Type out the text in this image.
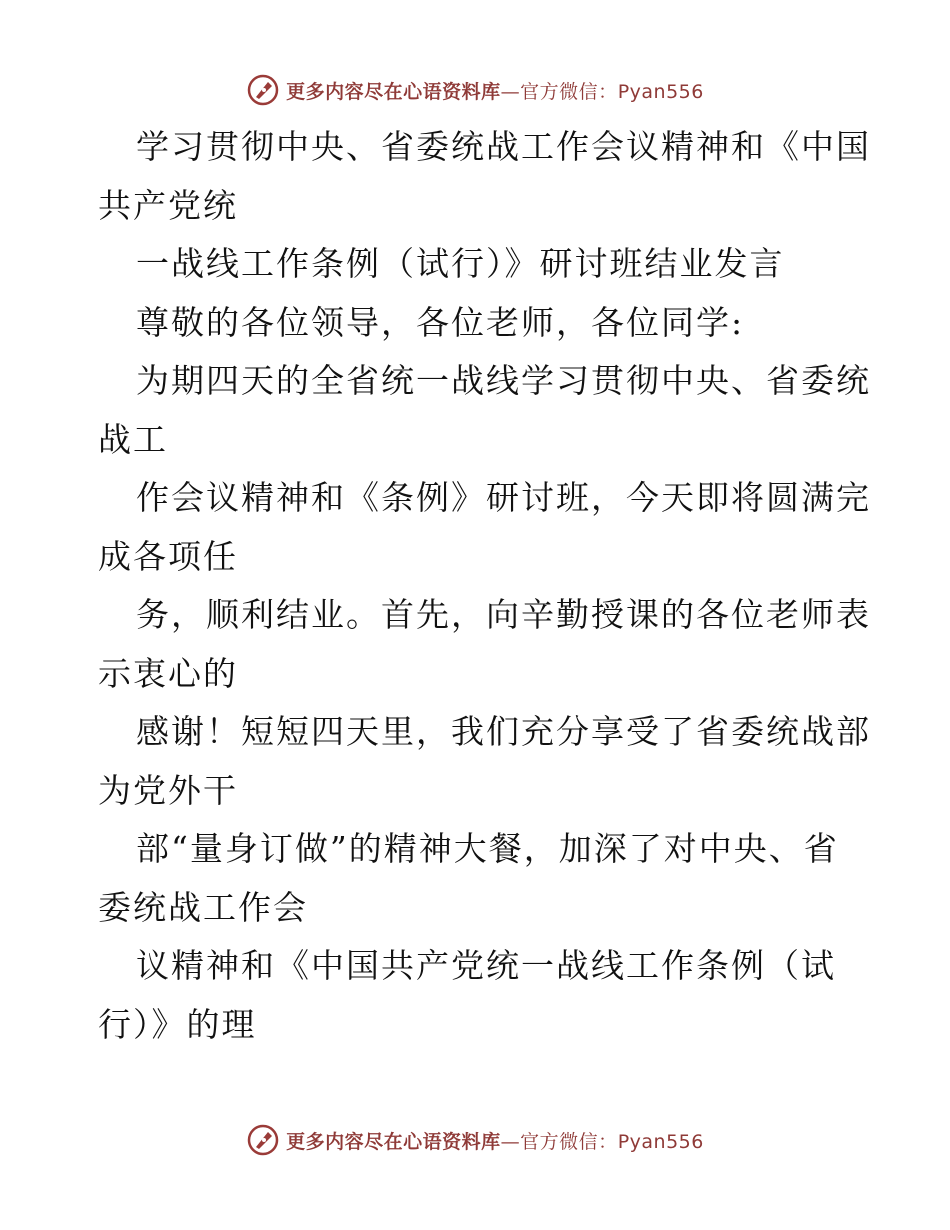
更多内容尽在心语资料库—官方微信：Pyan556
学习贯彻中央、省委统战工作会议精神和《中国
共产党统
一战线工作条例（试行）》研讨班结业发言
尊敬的各位领导，各位老师，各位同学:
为期四天的全省统一战线学习贯彻中央、省委统
战工
作会议精神和《条例》研讨班，今天即将圆满完
成各项任
务，顺利结业。首先，向辛勤授课的各位老师表
示衷心的
感谢！短短四天里，我们充分享受了省委统战部
为党外干
部“量身订做”的精神大餐，加深了对中央、省
委统战工作会
议精神和《中国共产党统一战线工作条例（试
行）》的理
更多内容尽在心语资料库—官方微信：Pyan556
